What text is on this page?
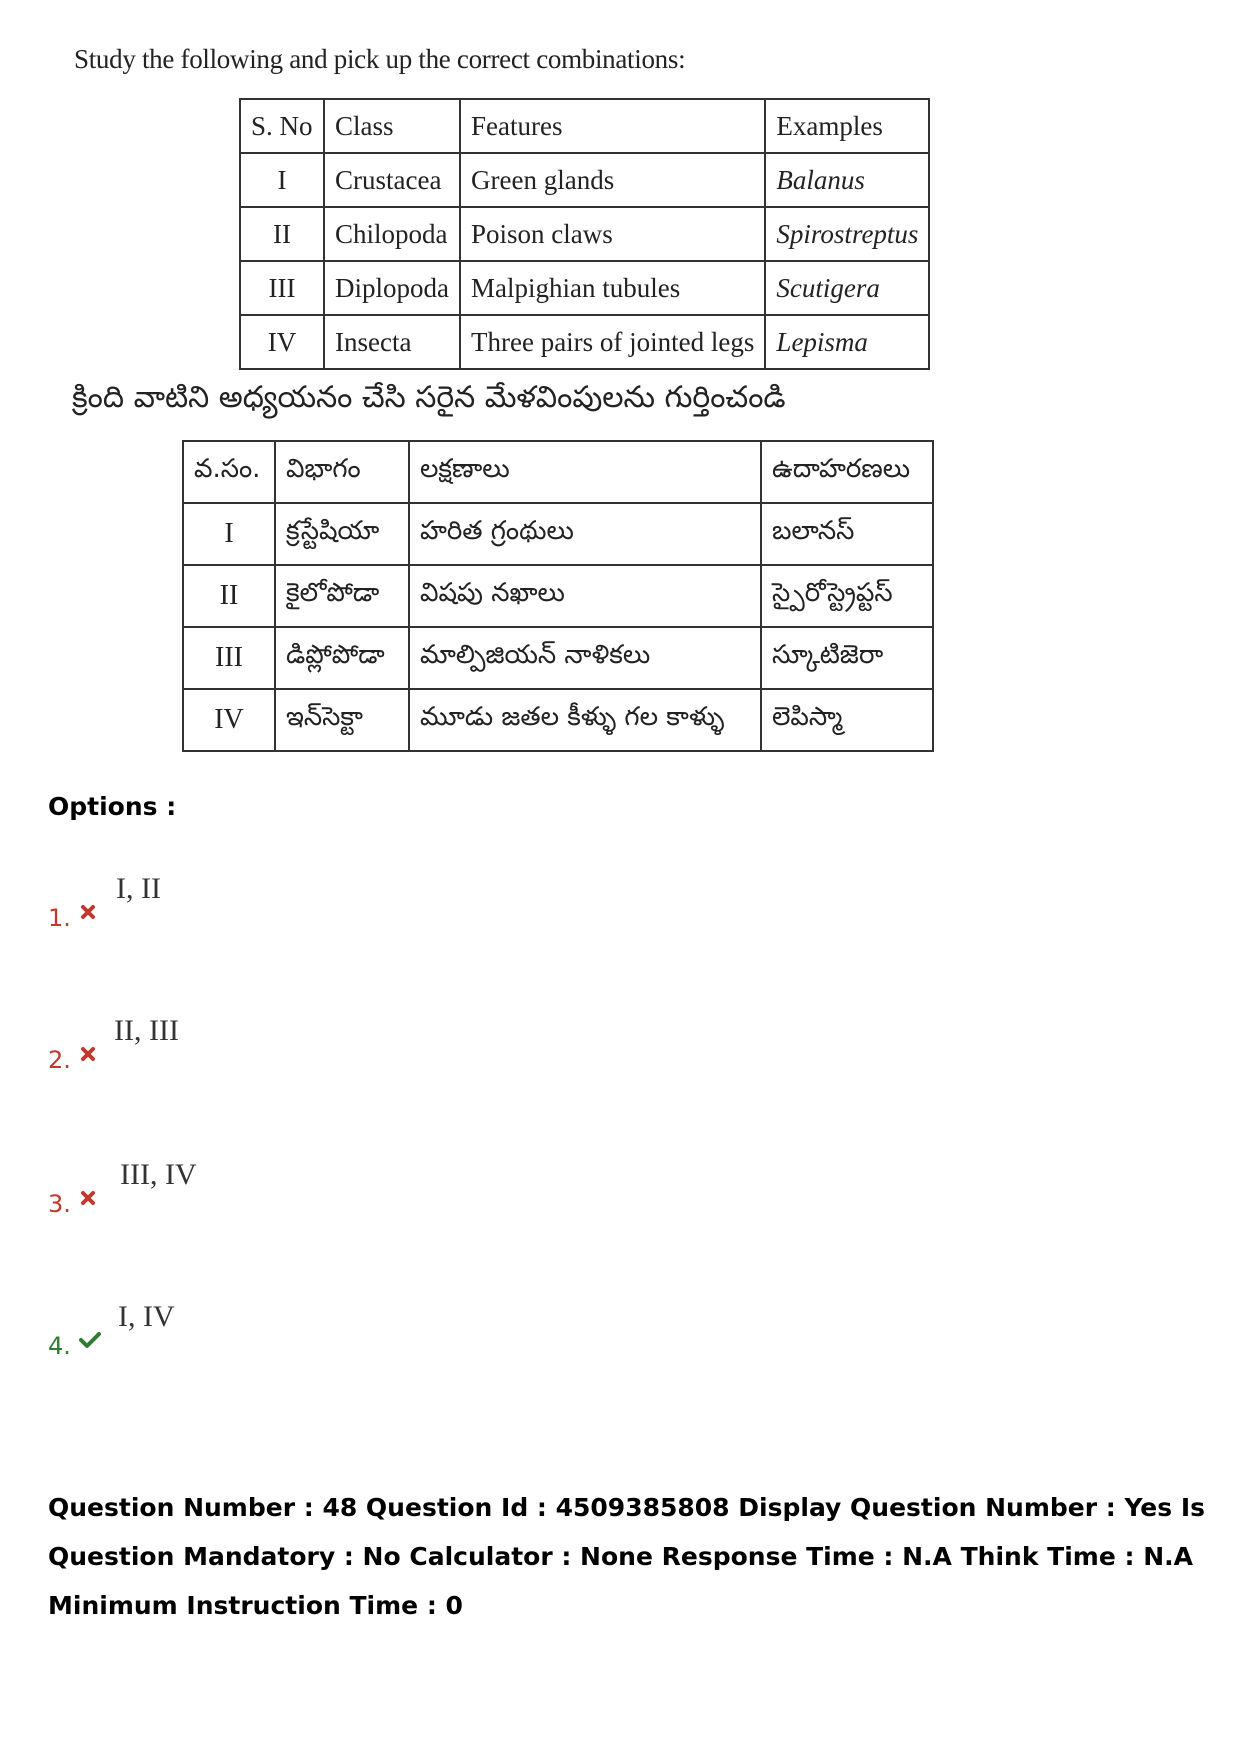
Study the following and pick up the correct combinations:
S. No	Class	Features	Examples
I	Crustacea	Green glands	Balanus
II	Chilopoda	Poison claws	Spirostreptus
III	Diplopoda	Malpighian tubules	Scutigera
IV	Insecta	Three pairs of jointed legs	Lepisma
క్రింది వాటిని అధ్యయనం చేసి సరైన మేళవింపులను గుర్తించండి
వ.సం.	విభాగం	లక్షణాలు	ఉదాహరణలు
I	క్రస్టేషియా	హరిత గ్రంథులు	బలానస్
II	కైలోపోడా	విషపు నఖాలు	స్పైరోస్ట్రెప్టస్
III	డిప్లోపోడా	మాల్పిజియన్ నాళికలు	స్కూటిజెరా
IV	ఇన్‌సెక్టా	మూడు జతల కీళ్ళు గల కాళ్ళు	లెపిస్మా
Options :
1.
I, II
2.
II, III
3.
III, IV
4.
I, IV
Question Number : 48 Question Id : 4509385808 Display Question Number : Yes Is Question Mandatory : No Calculator : None Response Time : N.A Think Time : N.A Minimum Instruction Time : 0
